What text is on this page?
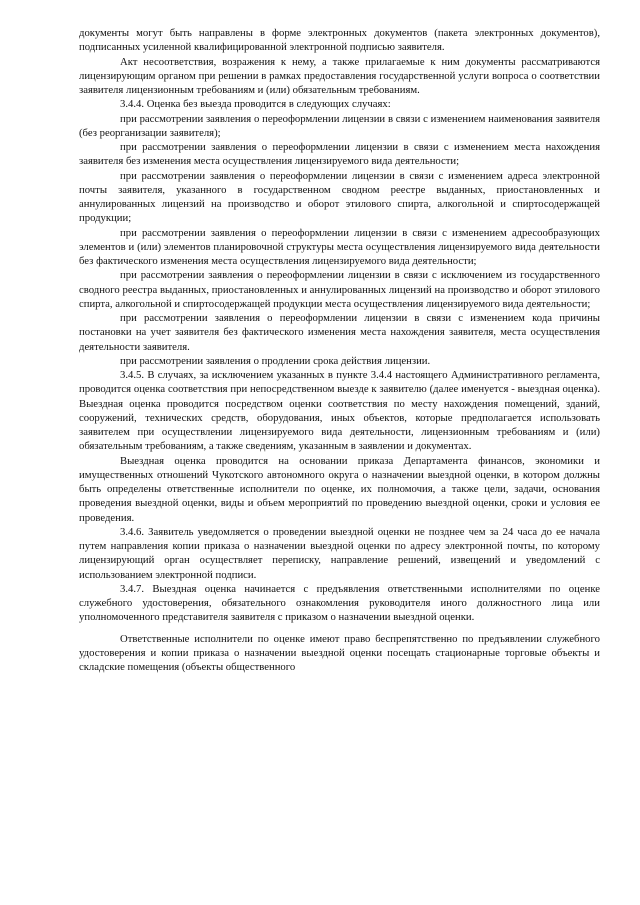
документы могут быть направлены в форме электронных документов (пакета электронных документов), подписанных усиленной квалифицированной электронной подписью заявителя.

Акт несоответствия, возражения к нему, а также прилагаемые к ним документы рассматриваются лицензирующим органом при решении в рамках предоставления государственной услуги вопроса о соответствии заявителя лицензионным требованиям и (или) обязательным требованиям.

3.4.4. Оценка без выезда проводится в следующих случаях:

при рассмотрении заявления о переоформлении лицензии в связи с изменением наименования заявителя (без реорганизации заявителя);

при рассмотрении заявления о переоформлении лицензии в связи с изменением места нахождения заявителя без изменения места осуществления лицензируемого вида деятельности;

при рассмотрении заявления о переоформлении лицензии в связи с изменением адреса электронной почты заявителя, указанного в государственном сводном реестре выданных, приостановленных и аннулированных лицензий на производство и оборот этилового спирта, алкогольной и спиртосодержащей продукции;

при рассмотрении заявления о переоформлении лицензии в связи с изменением адресообразующих элементов и (или) элементов планировочной структуры места осуществления лицензируемого вида деятельности без фактического изменения места осуществления лицензируемого вида деятельности;

при рассмотрении заявления о переоформлении лицензии в связи с исключением из государственного сводного реестра выданных, приостановленных и аннулированных лицензий на производство и оборот этилового спирта, алкогольной и спиртосодержащей продукции места осуществления лицензируемого вида деятельности;

при рассмотрении заявления о переоформлении лицензии в связи с изменением кода причины постановки на учет заявителя без фактического изменения места нахождения заявителя, места осуществления деятельности заявителя.

при рассмотрении заявления о продлении срока действия лицензии.

3.4.5. В случаях, за исключением указанных в пункте 3.4.4 настоящего Административного регламента, проводится оценка соответствия при непосредственном выезде к заявителю (далее именуется - выездная оценка). Выездная оценка проводится посредством оценки соответствия по месту нахождения помещений, зданий, сооружений, технических средств, оборудования, иных объектов, которые предполагается использовать заявителем при осуществлении лицензируемого вида деятельности, лицензионным требованиям и (или) обязательным требованиям, а также сведениям, указанным в заявлении и документах.

Выездная оценка проводится на основании приказа Департамента финансов, экономики и имущественных отношений Чукотского автономного округа о назначении выездной оценки, в котором должны быть определены ответственные исполнители по оценке, их полномочия, а также цели, задачи, основания проведения выездной оценки, виды и объем мероприятий по проведению выездной оценки, сроки и условия ее проведения.

3.4.6. Заявитель уведомляется о проведении выездной оценки не позднее чем за 24 часа до ее начала путем направления копии приказа о назначении выездной оценки по адресу электронной почты, по которому лицензирующий орган осуществляет переписку, направление решений, извещений и уведомлений с использованием электронной подписи.

3.4.7. Выездная оценка начинается с предъявления ответственными исполнителями по оценке служебного удостоверения, обязательного ознакомления руководителя иного должностного лица или уполномоченного представителя заявителя с приказом о назначении выездной оценки.

Ответственные исполнители по оценке имеют право беспрепятственно по предъявлении служебного удостоверения и копии приказа о назначении выездной оценки посещать стационарные торговые объекты и складские помещения (объекты общественного
